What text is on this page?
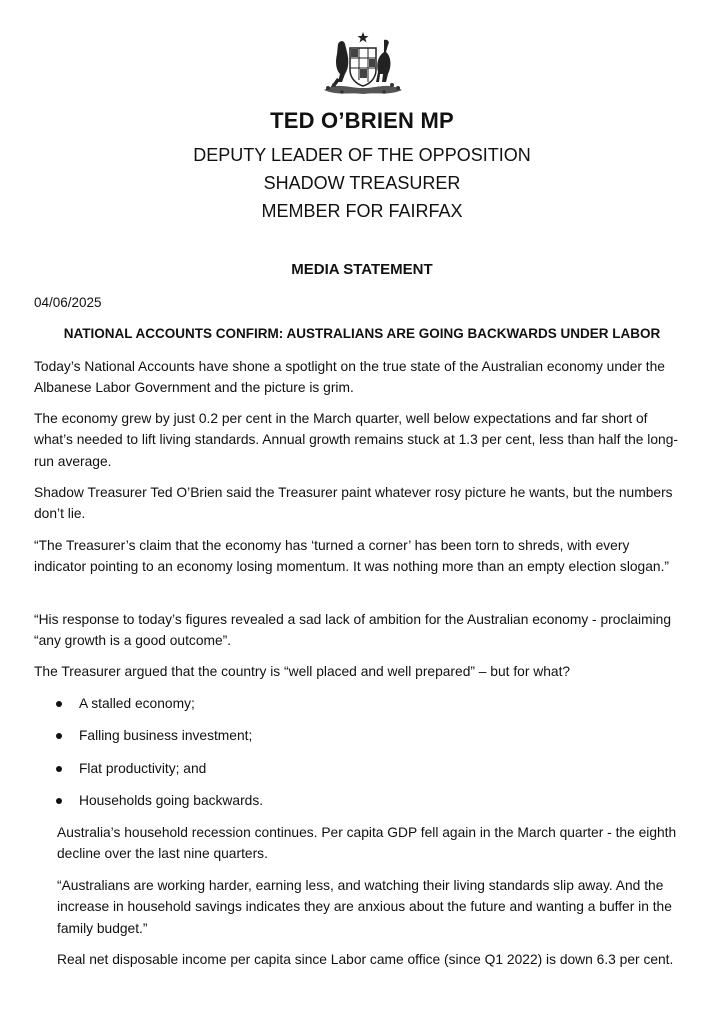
TED O’BRIEN MP
DEPUTY LEADER OF THE OPPOSITION
SHADOW TREASURER
MEMBER FOR FAIRFAX
MEDIA STATEMENT
04/06/2025
NATIONAL ACCOUNTS CONFIRM: AUSTRALIANS ARE GOING BACKWARDS UNDER LABOR

Today’s National Accounts have shone a spotlight on the true state of the Australian economy under the Albanese Labor Government and the picture is grim.

The economy grew by just 0.2 per cent in the March quarter, well below expectations and far short of what’s needed to lift living standards. Annual growth remains stuck at 1.3 per cent, less than half the long-run average.

Shadow Treasurer Ted O’Brien said the Treasurer paint whatever rosy picture he wants, but the numbers don’t lie.

“The Treasurer’s claim that the economy has ‘turned a corner’ has been torn to shreds, with every indicator pointing to an economy losing momentum. It was nothing more than an empty election slogan.”

“His response to today’s figures revealed a sad lack of ambition for the Australian economy - proclaiming “any growth is a good outcome”.

The Treasurer argued that the country is “well placed and well prepared” – but for what?

A stalled economy;
Falling business investment;
Flat productivity; and
Households going backwards.

Australia’s household recession continues. Per capita GDP fell again in the March quarter - the eighth decline over the last nine quarters.

“Australians are working harder, earning less, and watching their living standards slip away. And the increase in household savings indicates they are anxious about the future and wanting a buffer in the family budget.”

Real net disposable income per capita since Labor came office (since Q1 2022) is down 6.3 per cent.
